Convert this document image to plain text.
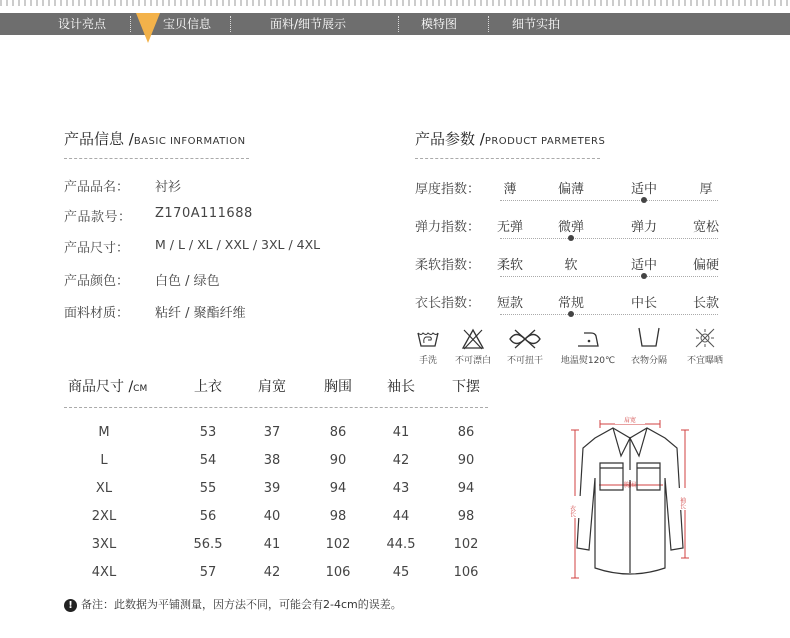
设计亮点	宝贝信息	面料/细节展示	模特图	细节实拍
产品信息 /BASIC INFORMATION
产品品名： 衬衫
产品款号： Z170A111688
产品尺寸： M / L / XL / XXL / 3XL / 4XL
产品颜色： 白色 / 绿色
面料材质： 粘纤 / 聚酯纤维
产品参数 /PRODUCT PARMETERS
厚度指数：	薄	偏薄	适中	厚
弹力指数：	无弹	微弹	弹力	宽松
柔软指数：	柔软	软	适中	偏硬
衣长指数：	短款	常规	中长	长款
手洗	不可漂白	不可扭干	地温熨120℃	衣物分隔	不宜曝晒
商品尺寸 /CM	上衣	肩宽	胸围	袖长	下摆
M	53	37	86	41	86
L	54	38	90	42	90
XL	55	39	94	43	94
2XL	56	40	98	44	98
3XL	56.5	41	102	44.5	102
4XL	57	42	106	45	106
肩宽
胸围
衣长
袖长
! 备注：此数据为平铺测量，因方法不同，可能会有2-4cm的误差。
